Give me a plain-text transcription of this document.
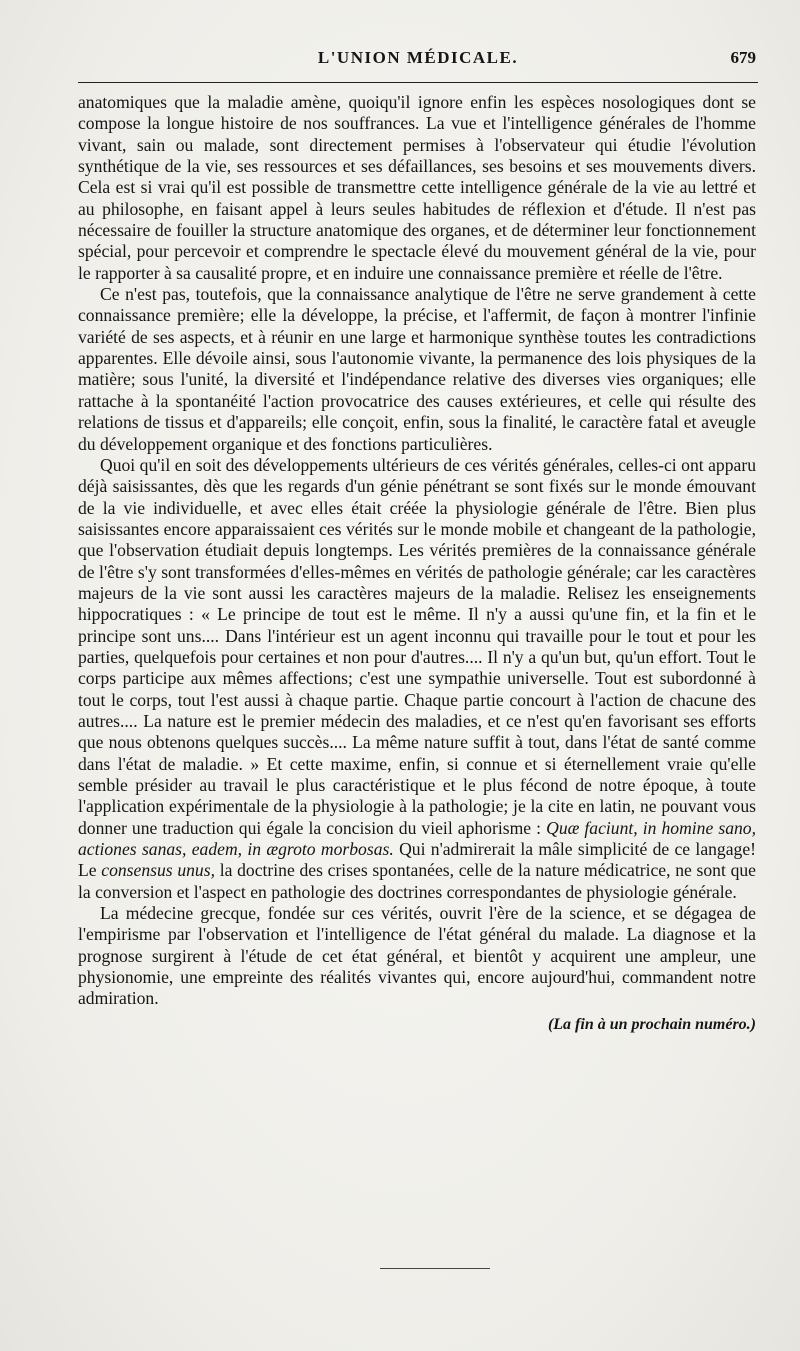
L'UNION MÉDICALE.	679

anatomiques que la maladie amène, quoiqu'il ignore enfin les espèces nosologiques dont se compose la longue histoire de nos souffrances. La vue et l'intelligence générales de l'homme vivant, sain ou malade, sont directement permises à l'observateur qui étudie l'évolution synthétique de la vie, ses ressources et ses défaillances, ses besoins et ses mouvements divers. Cela est si vrai qu'il est possible de transmettre cette intelligence générale de la vie au lettré et au philosophe, en faisant appel à leurs seules habitudes de réflexion et d'étude. Il n'est pas nécessaire de fouiller la structure anatomique des organes, et de déterminer leur fonctionnement spécial, pour percevoir et comprendre le spectacle élevé du mouvement général de la vie, pour le rapporter à sa causalité propre, et en induire une connaissance première et réelle de l'être.

Ce n'est pas, toutefois, que la connaissance analytique de l'être ne serve grandement à cette connaissance première; elle la développe, la précise, et l'affermit, de façon à montrer l'infinie variété de ses aspects, et à réunir en une large et harmonique synthèse toutes les contradictions apparentes. Elle dévoile ainsi, sous l'autonomie vivante, la permanence des lois physiques de la matière; sous l'unité, la diversité et l'indépendance relative des diverses vies organiques; elle rattache à la spontanéité l'action provocatrice des causes extérieures, et celle qui résulte des relations de tissus et d'appareils; elle conçoit, enfin, sous la finalité, le caractère fatal et aveugle du développement organique et des fonctions particulières.

Quoi qu'il en soit des développements ultérieurs de ces vérités générales, celles-ci ont apparu déjà saisissantes, dès que les regards d'un génie pénétrant se sont fixés sur le monde émouvant de la vie individuelle, et avec elles était créée la physiologie générale de l'être. Bien plus saisissantes encore apparaissaient ces vérités sur le monde mobile et changeant de la pathologie, que l'observation étudiait depuis longtemps. Les vérités premières de la connaissance générale de l'être s'y sont transformées d'elles-mêmes en vérités de pathologie générale; car les caractères majeurs de la vie sont aussi les caractères majeurs de la maladie. Relisez les enseignements hippocratiques : « Le principe de tout est le même. Il n'y a aussi qu'une fin, et la fin et le principe sont uns.... Dans l'intérieur est un agent inconnu qui travaille pour le tout et pour les parties, quelquefois pour certaines et non pour d'autres.... Il n'y a qu'un but, qu'un effort. Tout le corps participe aux mêmes affections; c'est une sympathie universelle. Tout est subordonné à tout le corps, tout l'est aussi à chaque partie. Chaque partie concourt à l'action de chacune des autres.... La nature est le premier médecin des maladies, et ce n'est qu'en favorisant ses efforts que nous obtenons quelques succès.... La même nature suffit à tout, dans l'état de santé comme dans l'état de maladie. » Et cette maxime, enfin, si connue et si éternellement vraie qu'elle semble présider au travail le plus caractéristique et le plus fécond de notre époque, à toute l'application expérimentale de la physiologie à la pathologie; je la cite en latin, ne pouvant vous donner une traduction qui égale la concision du vieil aphorisme : Quæ faciunt, in homine sano, actiones sanas, eadem, in ægroto morbosas. Qui n'admirerait la mâle simplicité de ce langage! Le consensus unus, la doctrine des crises spontanées, celle de la nature médicatrice, ne sont que la conversion et l'aspect en pathologie des doctrines correspondantes de physiologie générale.

La médecine grecque, fondée sur ces vérités, ouvrit l'ère de la science, et se dégagea de l'empirisme par l'observation et l'intelligence de l'état général du malade. La diagnose et la prognose surgirent à l'étude de cet état général, et bientôt y acquirent une ampleur, une physionomie, une empreinte des réalités vivantes qui, encore aujourd'hui, commandent notre admiration.

(La fin à un prochain numéro.)
